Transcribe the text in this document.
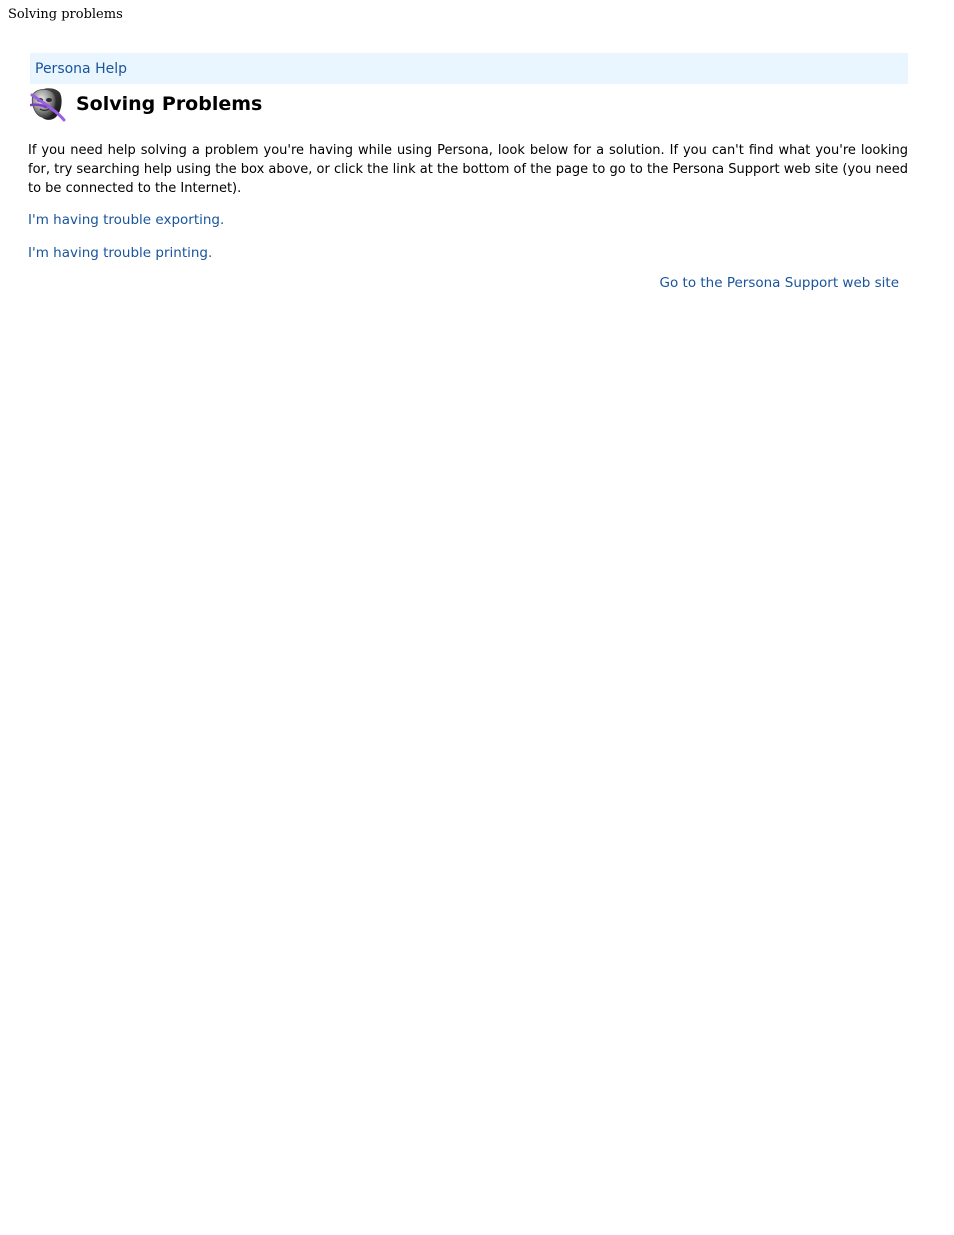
Solving problems
Persona Help
Solving Problems

If you need help solving a problem you're having while using Persona, look below for a solution. If you can't find what you're looking for, try searching help using the box above, or click the link at the bottom of the page to go to the Persona Support web site (you need to be connected to the Internet).

I'm having trouble exporting.
I'm having trouble printing.
Go to the Persona Support web site
